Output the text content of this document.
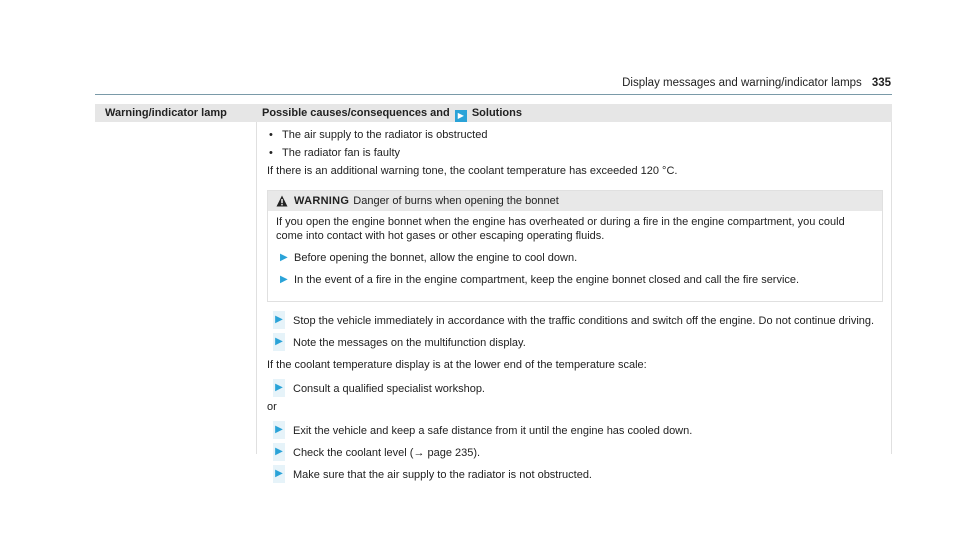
Display messages and warning/indicator lamps 335
Warning/indicator lamp	Possible causes/consequences and ▶ Solutions
• The air supply to the radiator is obstructed
• The radiator fan is faulty

If there is an additional warning tone, the coolant temperature has exceeded 120 °C.

WARNING Danger of burns when opening the bonnet

If you open the engine bonnet when the engine has overheated or during a fire in the engine compartment, you could come into contact with hot gases or other escaping operating fluids.

▶ Before opening the bonnet, allow the engine to cool down.
▶ In the event of a fire in the engine compartment, keep the engine bonnet closed and call the fire service.
▶ Stop the vehicle immediately in accordance with the traffic conditions and switch off the engine. Do not continue driving.
▶ Note the messages on the multifunction display.

If the coolant temperature display is at the lower end of the temperature scale:

▶ Consult a qualified specialist workshop.

or

▶ Exit the vehicle and keep a safe distance from it until the engine has cooled down.
▶ Check the coolant level (→ page 235).
▶ Make sure that the air supply to the radiator is not obstructed.
